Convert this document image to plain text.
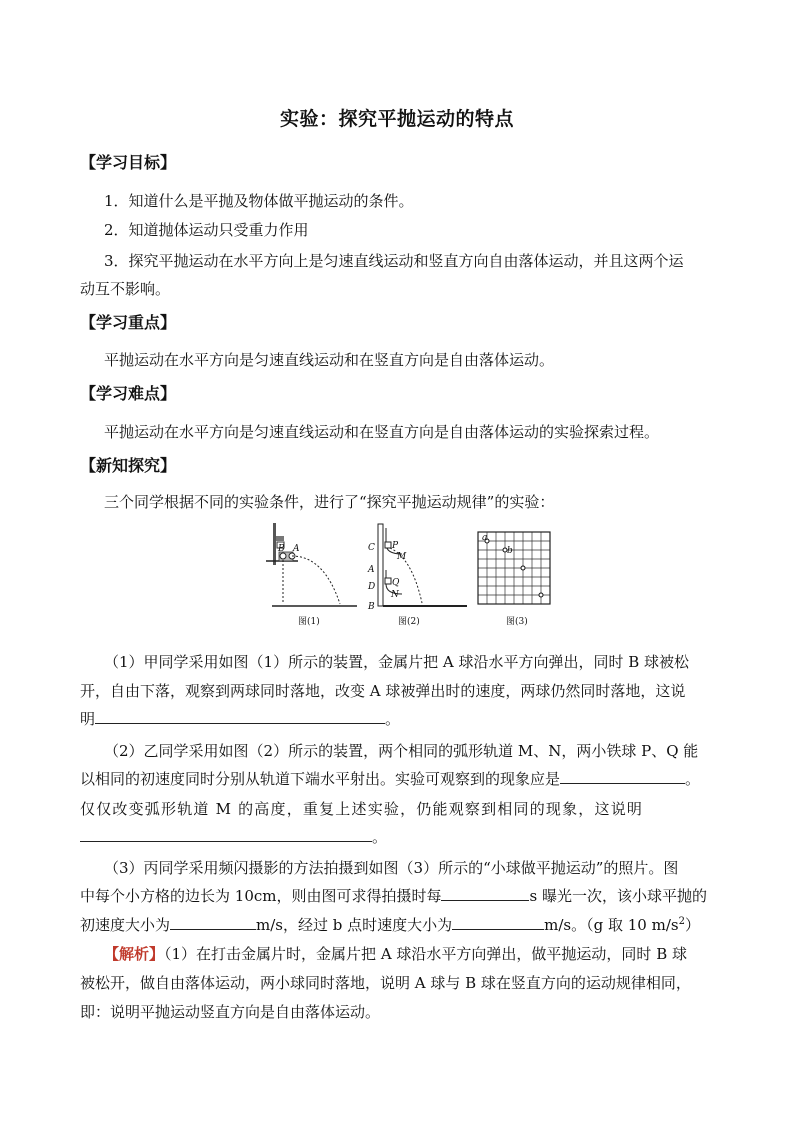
实验：探究平抛运动的特点
【学习目标】
1．知道什么是平抛及物体做平抛运动的条件。
2．知道抛体运动只受重力作用
3．探究平抛运动在水平方向上是匀速直线运动和竖直方向自由落体运动，并且这两个运
动互不影响。
【学习重点】
平抛运动在水平方向是匀速直线运动和在竖直方向是自由落体运动。
【学习难点】
平抛运动在水平方向是匀速直线运动和在竖直方向是自由落体运动的实验探索过程。
【新知探究】
三个同学根据不同的实验条件，进行了“探究平抛运动规律”的实验：
B A
图(1)
C P
M
A
D Q
N
B
图(2)
a
b
图(3)
（1）甲同学采用如图（1）所示的装置，金属片把 A 球沿水平方向弹出，同时 B 球被松
开，自由下落，观察到两球同时落地，改变 A 球被弹出时的速度，两球仍然同时落地，这说
明	。
（2）乙同学采用如图（2）所示的装置，两个相同的弧形轨道 M、N，两小铁球 P、Q 能
以相同的初速度同时分别从轨道下端水平射出。实验可观察到的现象应是	。
仅仅改变弧形轨道 M 的高度，重复上述实验，仍能观察到相同的现象，这说明
。
（3）丙同学采用频闪摄影的方法拍摄到如图（3）所示的“小球做平抛运动”的照片。图
中每个小方格的边长为 10cm，则由图可求得拍摄时每	s 曝光一次，该小球平抛的
初速度大小为	m/s，经过 b 点时速度大小为	m/s。（g 取 10 $m/s^2$）
【解析】（1）在打击金属片时，金属片把 A 球沿水平方向弹出，做平抛运动，同时 B 球
被松开，做自由落体运动，两小球同时落地，说明 A 球与 B 球在竖直方向的运动规律相同，
即：说明平抛运动竖直方向是自由落体运动。
